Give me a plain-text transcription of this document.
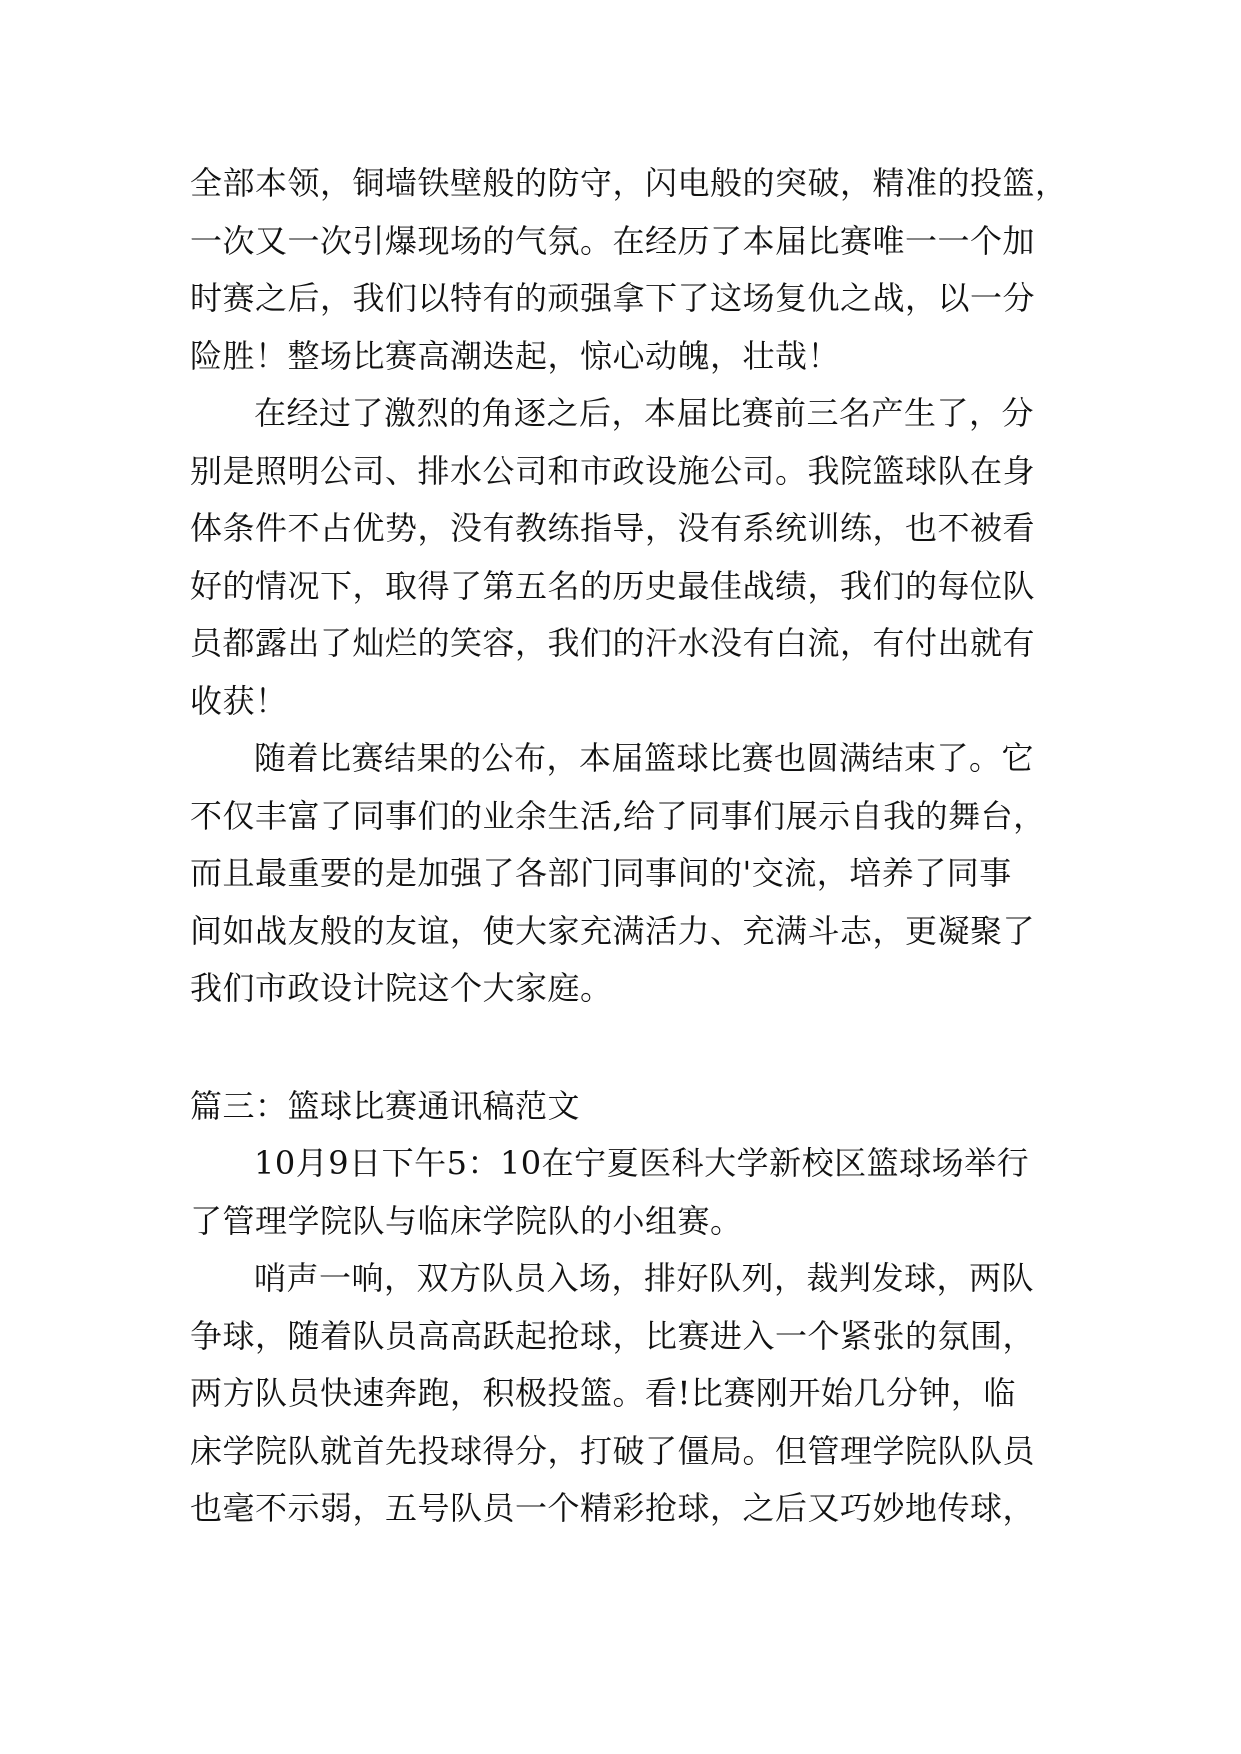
全部本领，铜墙铁壁般的防守，闪电般的突破，精准的投篮，
一次又一次引爆现场的气氛。在经历了本届比赛唯一一个加
时赛之后，我们以特有的顽强拿下了这场复仇之战，以一分
险胜！整场比赛高潮迭起，惊心动魄，壮哉！
在经过了激烈的角逐之后，本届比赛前三名产生了，分
别是照明公司、排水公司和市政设施公司。我院篮球队在身
体条件不占优势，没有教练指导，没有系统训练，也不被看
好的情况下，取得了第五名的历史最佳战绩，我们的每位队
员都露出了灿烂的笑容，我们的汗水没有白流，有付出就有
收获！
随着比赛结果的公布，本届篮球比赛也圆满结束了。它
不仅丰富了同事们的业余生活,给了同事们展示自我的舞台，
而且最重要的是加强了各部门同事间的'交流，培养了同事
间如战友般的友谊，使大家充满活力、充满斗志，更凝聚了
我们市政设计院这个大家庭。
篇三：篮球比赛通讯稿范文
10月9日下午5：10在宁夏医科大学新校区篮球场举行
了管理学院队与临床学院队的小组赛。
哨声一响，双方队员入场，排好队列，裁判发球，两队
争球，随着队员高高跃起抢球，比赛进入一个紧张的氛围，
两方队员快速奔跑，积极投篮。看!比赛刚开始几分钟，临
床学院队就首先投球得分，打破了僵局。但管理学院队队员
也毫不示弱，五号队员一个精彩抢球，之后又巧妙地传球，
